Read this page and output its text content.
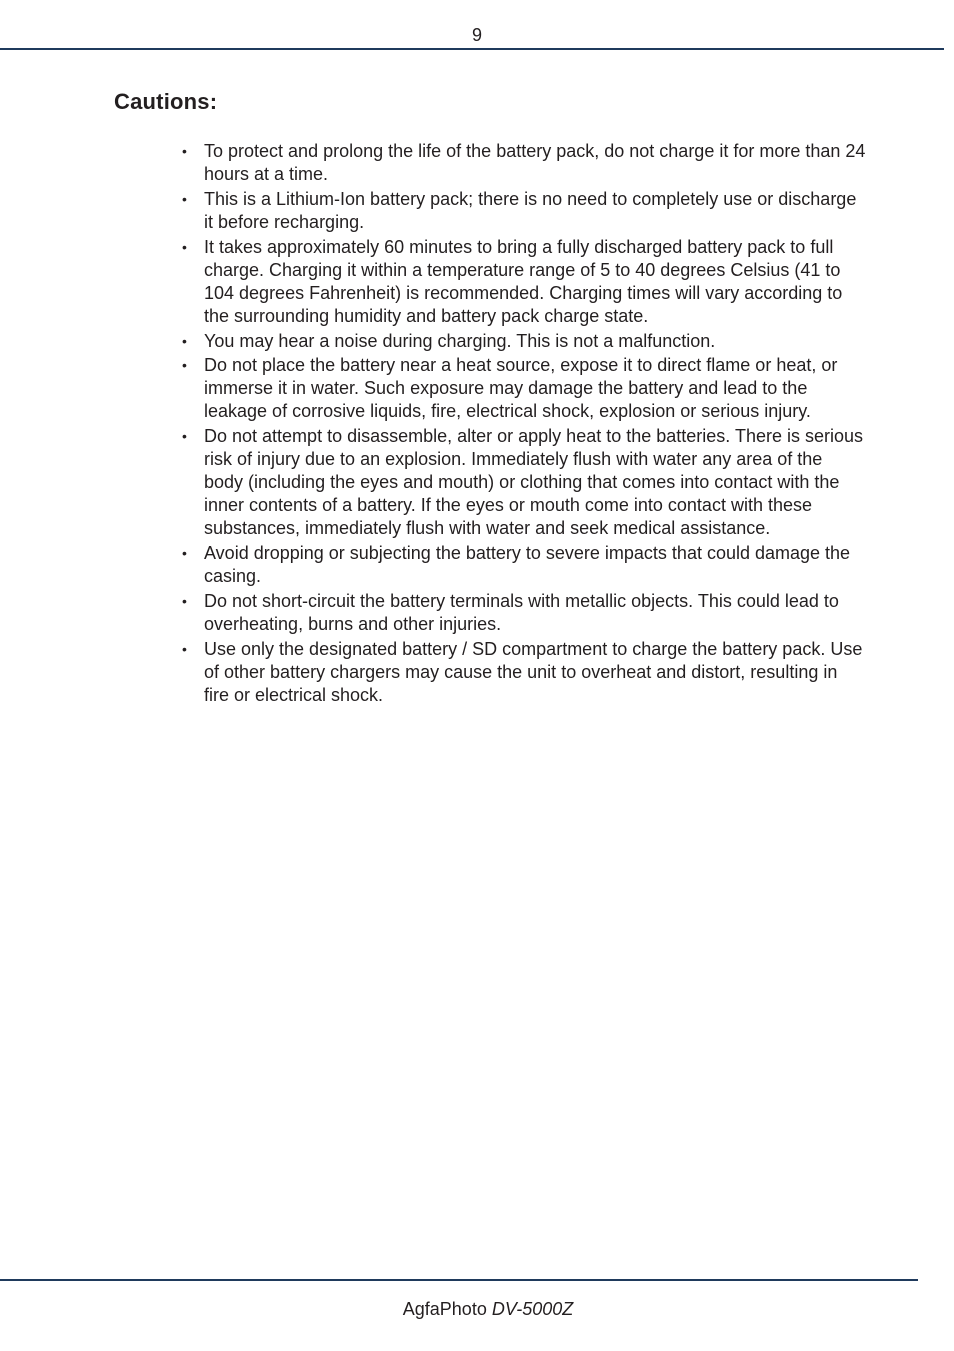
9
Cautions:
• To protect and prolong the life of the battery pack, do not charge it for more than 24 hours at a time.
• This is a Lithium-Ion battery pack; there is no need to completely use or discharge it before recharging.
• It takes approximately 60 minutes to bring a fully discharged battery pack to full charge. Charging it within a temperature range of 5 to 40 degrees Celsius (41 to 104 degrees Fahrenheit) is recommended. Charging times will vary according to the surrounding humidity and battery pack charge state.
• You may hear a noise during charging. This is not a malfunction.
• Do not place the battery near a heat source, expose it to direct flame or heat, or immerse it in water. Such exposure may damage the battery and lead to the leakage of corrosive liquids, fire, electrical shock, explosion or serious injury.
• Do not attempt to disassemble, alter or apply heat to the batteries. There is serious risk of injury due to an explosion. Immediately flush with water any area of the body (including the eyes and mouth) or clothing that comes into contact with the inner contents of a battery. If the eyes or mouth come into contact with these substances, immediately flush with water and seek medical assistance.
• Avoid dropping or subjecting the battery to severe impacts that could damage the casing.
• Do not short-circuit the battery terminals with metallic objects. This could lead to overheating, burns and other injuries.
• Use only the designated battery / SD compartment to charge the battery pack. Use of other battery chargers may cause the unit to overheat and distort, resulting in fire or electrical shock.
AgfaPhoto DV-5000Z
